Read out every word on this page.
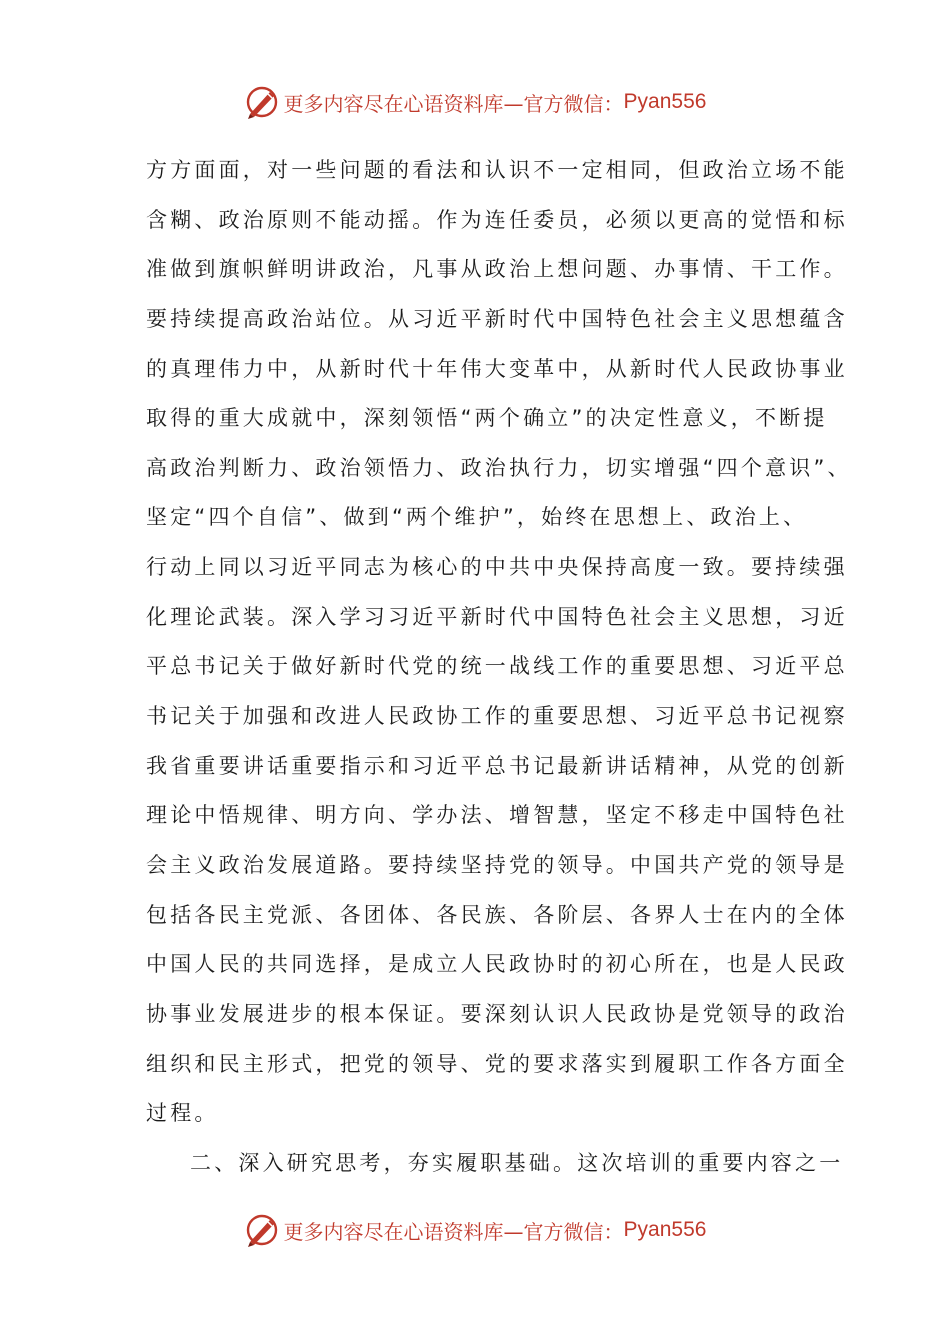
更多内容尽在心语资料库—官方微信： Pyan556
方方面面，对一些问题的看法和认识不一定相同，但政治立场不能
含糊、政治原则不能动摇。作为连任委员，必须以更高的觉悟和标
准做到旗帜鲜明讲政治，凡事从政治上想问题、办事情、干工作。
要持续提高政治站位。从习近平新时代中国特色社会主义思想蕴含
的真理伟力中，从新时代十年伟大变革中，从新时代人民政协事业
取得的重大成就中，深刻领悟“两个确立”的决定性意义，不断提
高政治判断力、政治领悟力、政治执行力，切实增强“四个意识”、
坚定“四个自信”、做到“两个维护”，始终在思想上、政治上、
行动上同以习近平同志为核心的中共中央保持高度一致。要持续强
化理论武装。深入学习习近平新时代中国特色社会主义思想，习近
平总书记关于做好新时代党的统一战线工作的重要思想、习近平总
书记关于加强和改进人民政协工作的重要思想、习近平总书记视察
我省重要讲话重要指示和习近平总书记最新讲话精神，从党的创新
理论中悟规律、明方向、学办法、增智慧，坚定不移走中国特色社
会主义政治发展道路。要持续坚持党的领导。中国共产党的领导是
包括各民主党派、各团体、各民族、各阶层、各界人士在内的全体
中国人民的共同选择，是成立人民政协时的初心所在，也是人民政
协事业发展进步的根本保证。要深刻认识人民政协是党领导的政治
组织和民主形式，把党的领导、党的要求落实到履职工作各方面全
过程。
二、深入研究思考，夯实履职基础。这次培训的重要内容之一
更多内容尽在心语资料库—官方微信： Pyan556
